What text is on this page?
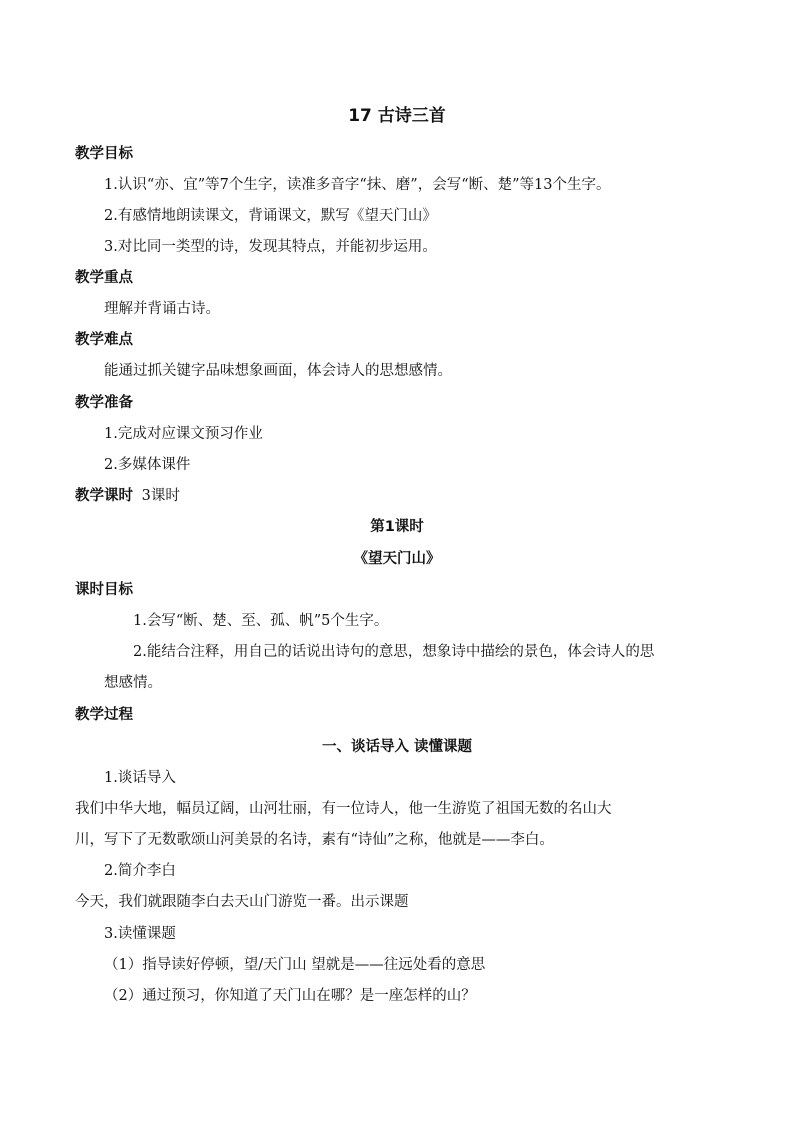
17 古诗三首
教学目标
1.认识“亦、宜”等7个生字，读准多音字“抹、磨”，会写“断、楚”等13个生字。
2.有感情地朗读课文，背诵课文，默写《望天门山》
3.对比同一类型的诗，发现其特点，并能初步运用。
教学重点
理解并背诵古诗。
教学难点
能通过抓关键字品味想象画面，体会诗人的思想感情。
教学准备
1.完成对应课文预习作业
2.多媒体课件
教学课时 3课时
第1课时
《望天门山》
课时目标
1.会写“断、楚、至、孤、帆”5个生字。
2.能结合注释，用自己的话说出诗句的意思，想象诗中描绘的景色，体会诗人的思
想感情。
教学过程
一、谈话导入 读懂课题
1.谈话导入
我们中华大地，幅员辽阔，山河壮丽，有一位诗人，他一生游览了祖国无数的名山大
川，写下了无数歌颂山河美景的名诗，素有“诗仙”之称，他就是——李白。
2.简介李白
今天，我们就跟随李白去天山门游览一番。出示课题
3.读懂课题
（1）指导读好停顿，望/天门山 望就是——往远处看的意思
（2）通过预习，你知道了天门山在哪？是一座怎样的山？
